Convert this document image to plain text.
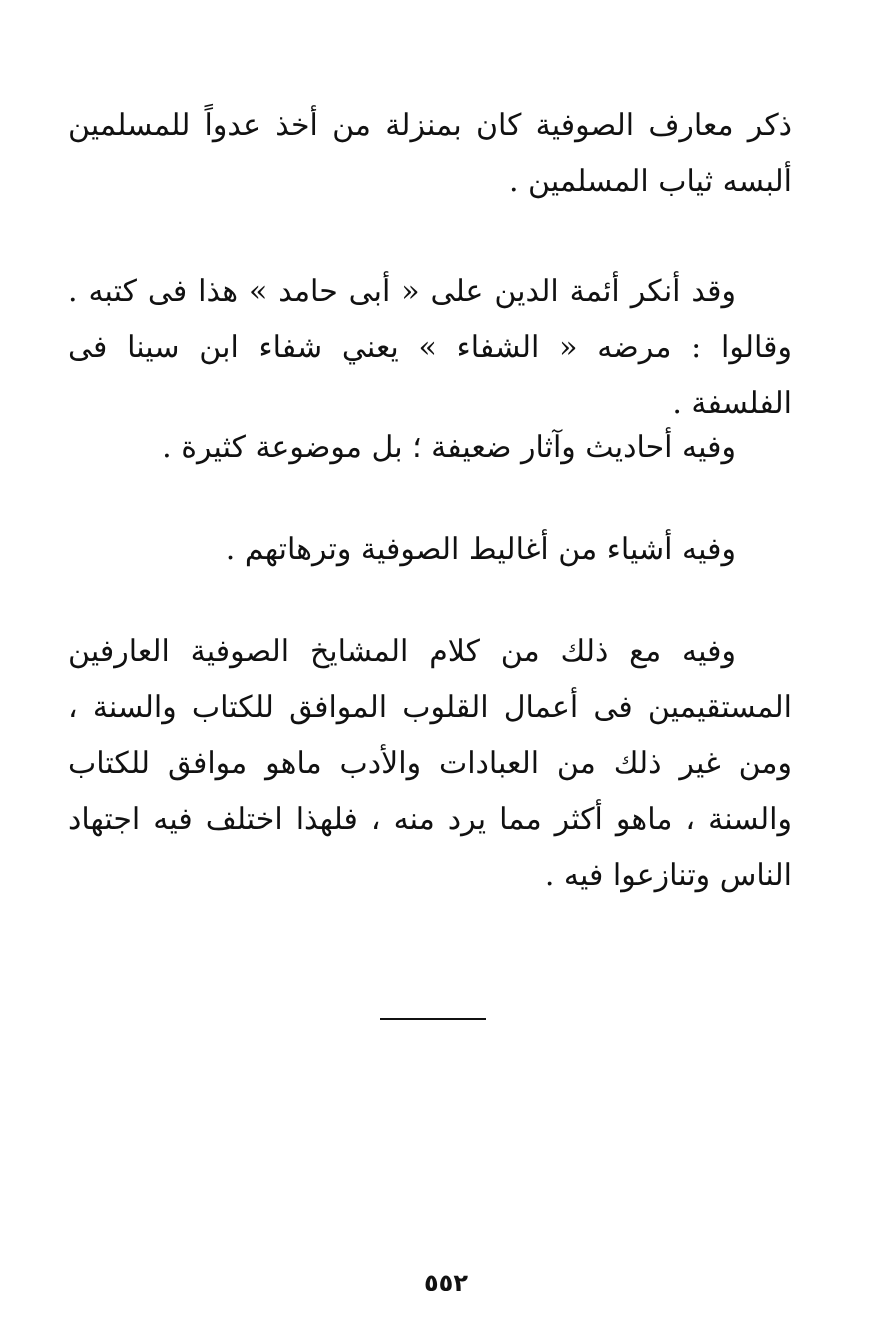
ذكر معارف الصوفية كان بمنزلة من أخذ عدواً للمسلمين ألبسه ثياب المسلمين .

وقد أنكر أئمة الدين على « أبى حامد » هذا فى كتبه . وقالوا : مرضه « الشفاء » يعني شفاء ابن سينا فى الفلسفة .

وفيه أحاديث وآثار ضعيفة ؛ بل موضوعة كثيرة .

وفيه أشياء من أغاليط الصوفية وترهاتهم .

وفيه مع ذلك من كلام المشايخ الصوفية العارفين المستقيمين فى أعمال القلوب الموافق للكتاب والسنة ، ومن غير ذلك من العبادات والأدب ماهو موافق للكتاب والسنة ، ماهو أكثر مما يرد منه ، فلهذا اختلف فيه اجتهاد الناس وتنازعوا فيه .

٥٥٢
